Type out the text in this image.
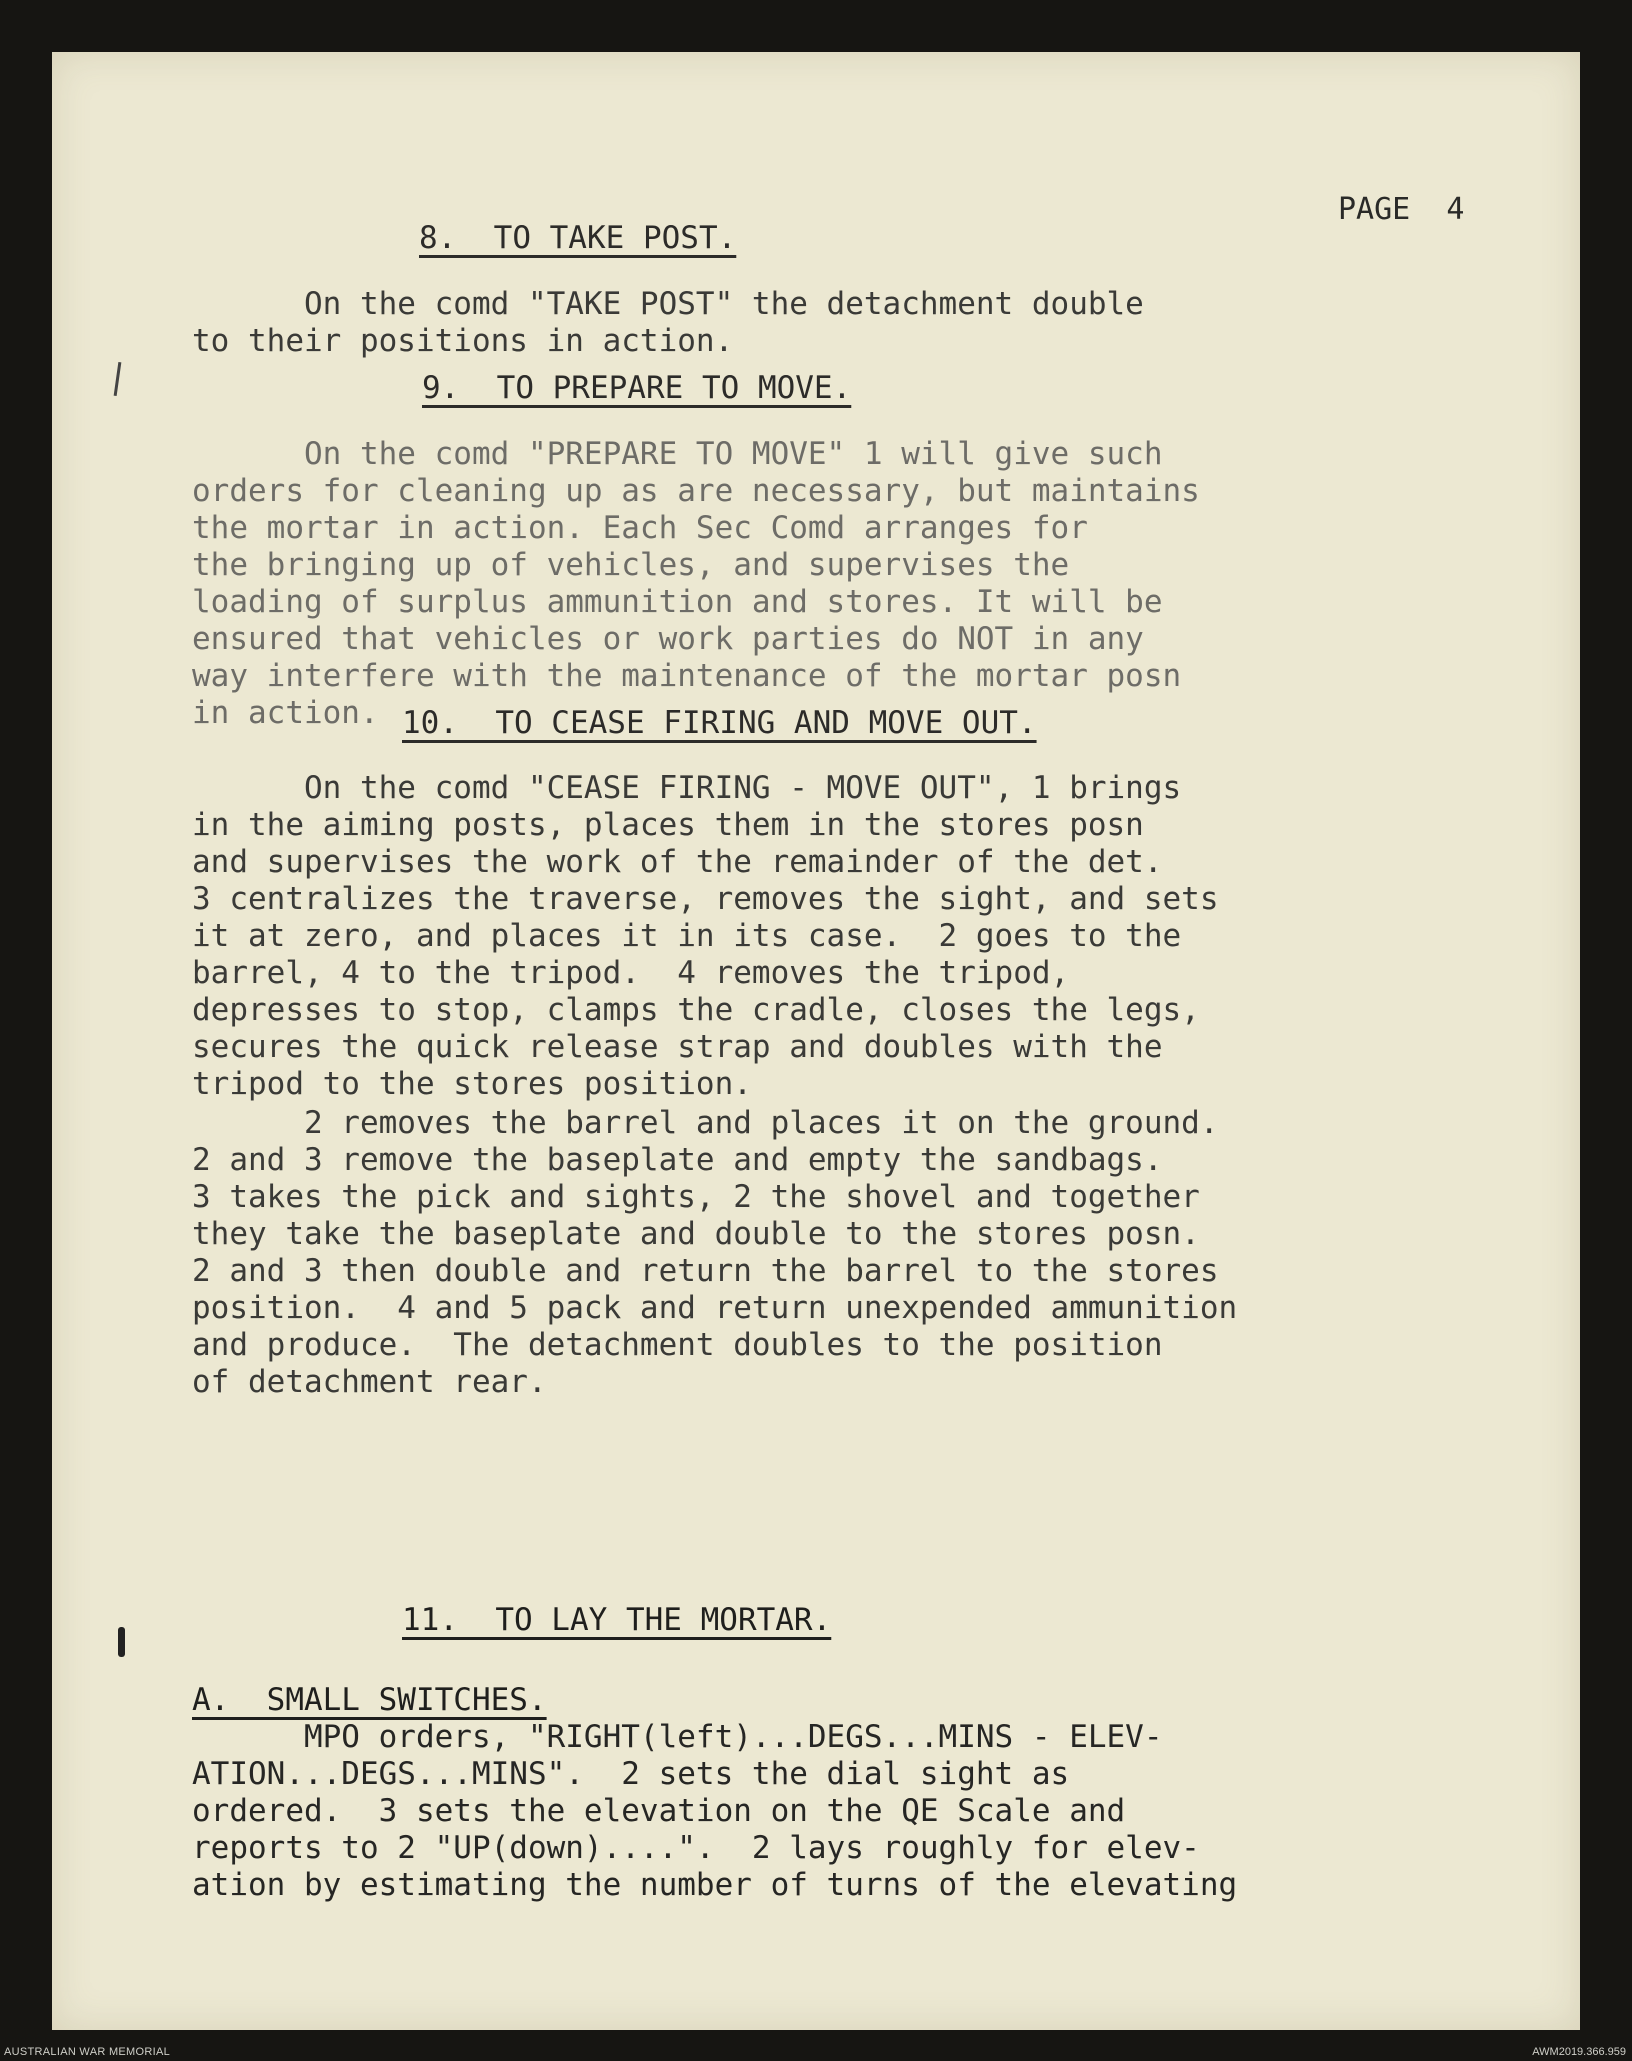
PAGE  4
8.  TO TAKE POST.
On the comd "TAKE POST" the detachment double
to their positions in action.
9.  TO PREPARE TO MOVE.
On the comd "PREPARE TO MOVE" 1 will give such
orders for cleaning up as are necessary, but maintains
the mortar in action. Each Sec Comd arranges for
the bringing up of vehicles, and supervises the
loading of surplus ammunition and stores. It will be
ensured that vehicles or work parties do NOT in any
way interfere with the maintenance of the mortar posn
in action. 10.  TO CEASE FIRING AND MOVE OUT.
On the comd "CEASE FIRING - MOVE OUT", 1 brings
in the aiming posts, places them in the stores posn
and supervises the work of the remainder of the det.
3 centralizes the traverse, removes the sight, and sets
it at zero, and places it in its case.  2 goes to the
barrel, 4 to the tripod.  4 removes the tripod,
depresses to stop, clamps the cradle, closes the legs,
secures the quick release strap and doubles with the
tripod to the stores position.
2 removes the barrel and places it on the ground.
2 and 3 remove the baseplate and empty the sandbags.
3 takes the pick and sights, 2 the shovel and together
they take the baseplate and double to the stores posn.
2 and 3 then double and return the barrel to the stores
position.  4 and 5 pack and return unexpended ammunition
and produce.  The detachment doubles to the position
of detachment rear.
11.  TO LAY THE MORTAR.
A.  SMALL SWITCHES.
MPO orders, "RIGHT(left)...DEGS...MINS - ELEV-
ATION...DEGS...MINS".  2 sets the dial sight as
ordered.  3 sets the elevation on the QE Scale and
reports to 2 "UP(down)....".  2 lays roughly for elev-
ation by estimating the number of turns of the elevating
AUSTRALIAN WAR MEMORIAL	AWM2019.366.959
